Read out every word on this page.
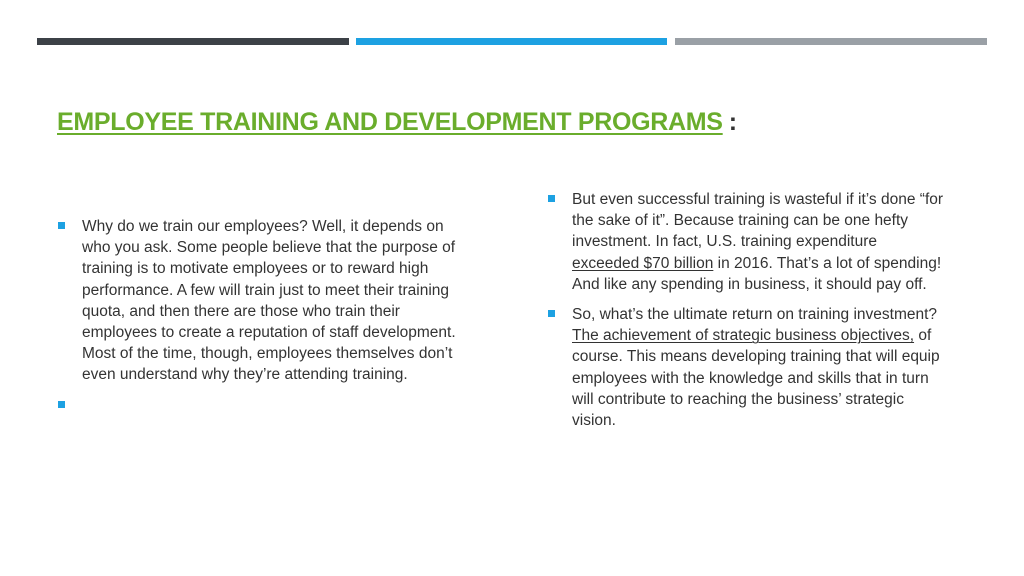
EMPLOYEE TRAINING AND DEVELOPMENT PROGRAMS :

Why do we train our employees? Well, it depends on who you ask. Some people believe that the purpose of training is to motivate employees or to reward high performance. A few will train just to meet their training quota, and then there are those who train their employees to create a reputation of staff development. Most of the time, though, employees themselves don’t even understand why they’re attending training.

But even successful training is wasteful if it’s done “for the sake of it”. Because training can be one hefty investment. In fact, U.S. training expenditure exceeded $70 billion in 2016. That’s a lot of spending! And like any spending in business, it should pay off.

So, what’s the ultimate return on training investment? The achievement of strategic business objectives, of course. This means developing training that will equip employees with the knowledge and skills that in turn will contribute to reaching the business’ strategic vision.
